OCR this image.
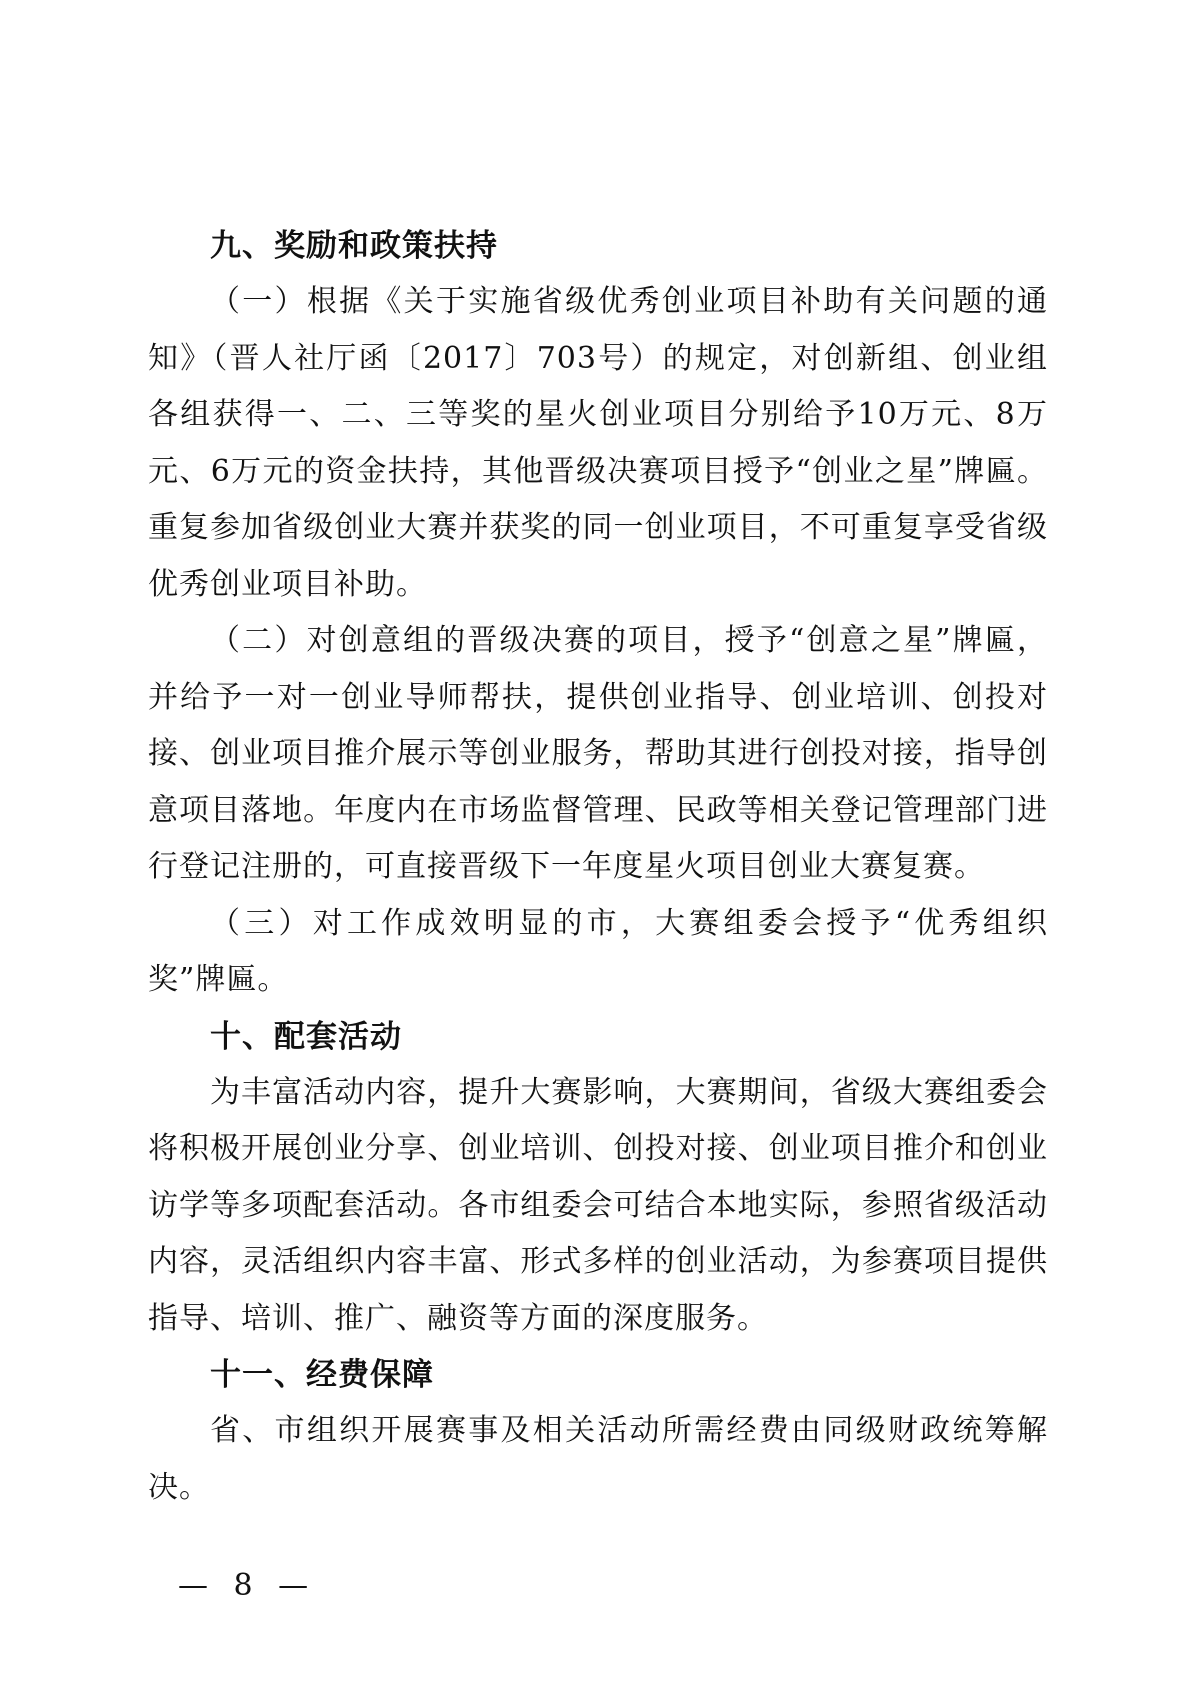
九、奖励和政策扶持

（一）根据《关于实施省级优秀创业项目补助有关问题的通知》（晋人社厅函〔2017〕703号）的规定，对创新组、创业组各组获得一、二、三等奖的星火创业项目分别给予10万元、8万元、6万元的资金扶持，其他晋级决赛项目授予“创业之星”牌匾。重复参加省级创业大赛并获奖的同一创业项目，不可重复享受省级优秀创业项目补助。

（二）对创意组的晋级决赛的项目，授予“创意之星”牌匾，并给予一对一创业导师帮扶，提供创业指导、创业培训、创投对接、创业项目推介展示等创业服务，帮助其进行创投对接，指导创意项目落地。年度内在市场监督管理、民政等相关登记管理部门进行登记注册的，可直接晋级下一年度星火项目创业大赛复赛。

（三）对工作成效明显的市，大赛组委会授予“优秀组织奖”牌匾。

十、配套活动

为丰富活动内容，提升大赛影响，大赛期间，省级大赛组委会将积极开展创业分享、创业培训、创投对接、创业项目推介和创业访学等多项配套活动。各市组委会可结合本地实际，参照省级活动内容，灵活组织内容丰富、形式多样的创业活动，为参赛项目提供指导、培训、推广、融资等方面的深度服务。

十一、经费保障

省、市组织开展赛事及相关活动所需经费由同级财政统筹解决。

— 8 —
